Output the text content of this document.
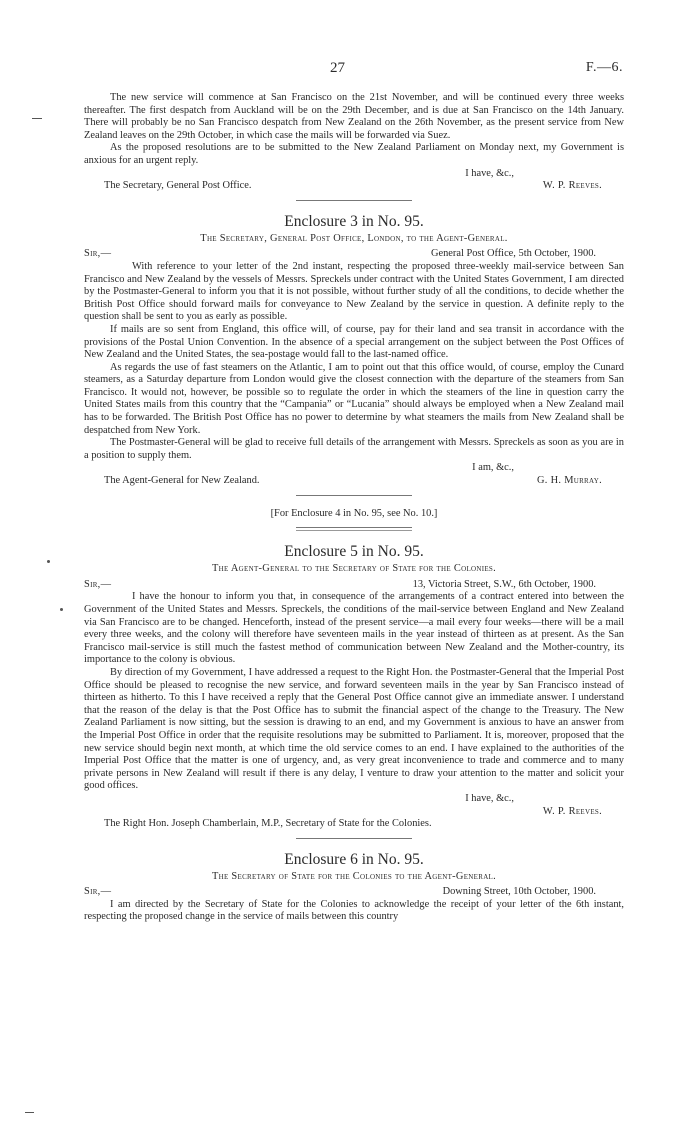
27	F.—6.

The new service will commence at San Francisco on the 21st November, and will be continued every three weeks thereafter. The first despatch from Auckland will be on the 29th December, and is due at San Francisco on the 14th January. There will probably be no San Francisco despatch from New Zealand on the 26th November, as the present service from New Zealand leaves on the 29th October, in which case the mails will be forwarded via Suez.

As the proposed resolutions are to be submitted to the New Zealand Parliament on Monday next, my Government is anxious for an urgent reply.

I have, &c.,
The Secretary, General Post Office.	W. P. Reeves.
Enclosure 3 in No. 95.
The Secretary, General Post Office, London, to the Agent-General.
Sir,—	General Post Office, 5th October, 1900.

With reference to your letter of the 2nd instant, respecting the proposed three-weekly mail-service between San Francisco and New Zealand by the vessels of Messrs. Spreckels under contract with the United States Government, I am directed by the Postmaster-General to inform you that it is not possible, without further study of all the conditions, to decide whether the British Post Office should forward mails for conveyance to New Zealand by the service in question. A definite reply to the question shall be sent to you as early as possible.

If mails are so sent from England, this office will, of course, pay for their land and sea transit in accordance with the provisions of the Postal Union Convention. In the absence of a special arrangement on the subject between the Post Offices of New Zealand and the United States, the sea-postage would fall to the last-named office.

As regards the use of fast steamers on the Atlantic, I am to point out that this office would, of course, employ the Cunard steamers, as a Saturday departure from London would give the closest connection with the departure of the steamers from San Francisco. It would not, however, be possible so to regulate the order in which the steamers of the line in question carry the United States mails from this country that the “Campania” or “Lucania” should always be employed when a New Zealand mail has to be forwarded. The British Post Office has no power to determine by what steamers the mails from New Zealand shall be despatched from New York.

The Postmaster-General will be glad to receive full details of the arrangement with Messrs. Spreckels as soon as you are in a position to supply them.

I am, &c.,
The Agent-General for New Zealand.	G. H. Murray.
[For Enclosure 4 in No. 95, see No. 10.]
Enclosure 5 in No. 95.
The Agent-General to the Secretary of State for the Colonies.
Sir,—	13, Victoria Street, S.W., 6th October, 1900.

I have the honour to inform you that, in consequence of the arrangements of a contract entered into between the Government of the United States and Messrs. Spreckels, the conditions of the mail-service between England and New Zealand via San Francisco are to be changed. Henceforth, instead of the present service—a mail every four weeks—there will be a mail every three weeks, and the colony will therefore have seventeen mails in the year instead of thirteen as at present. As the San Francisco mail-service is still much the fastest method of communication between New Zealand and the Mother-country, its importance to the colony is obvious.

By direction of my Government, I have addressed a request to the Right Hon. the Postmaster-General that the Imperial Post Office should be pleased to recognise the new service, and forward seventeen mails in the year by San Francisco instead of thirteen as hitherto. To this I have received a reply that the General Post Office cannot give an immediate answer. I understand that the reason of the delay is that the Post Office has to submit the financial aspect of the change to the Treasury. The New Zealand Parliament is now sitting, but the session is drawing to an end, and my Government is anxious to have an answer from the Imperial Post Office in order that the requisite resolutions may be submitted to Parliament. It is, moreover, proposed that the new service should begin next month, at which time the old service comes to an end. I have explained to the authorities of the Imperial Post Office that the matter is one of urgency, and, as very great inconvenience to trade and commerce and to many private persons in New Zealand will result if there is any delay, I venture to draw your attention to the matter and solicit your good offices.

I have, &c.,
W. P. Reeves.
The Right Hon. Joseph Chamberlain, M.P., Secretary of State for the Colonies.
Enclosure 6 in No. 95.
The Secretary of State for the Colonies to the Agent-General.
Sir,—	Downing Street, 10th October, 1900.

I am directed by the Secretary of State for the Colonies to acknowledge the receipt of your letter of the 6th instant, respecting the proposed change in the service of mails between this country
